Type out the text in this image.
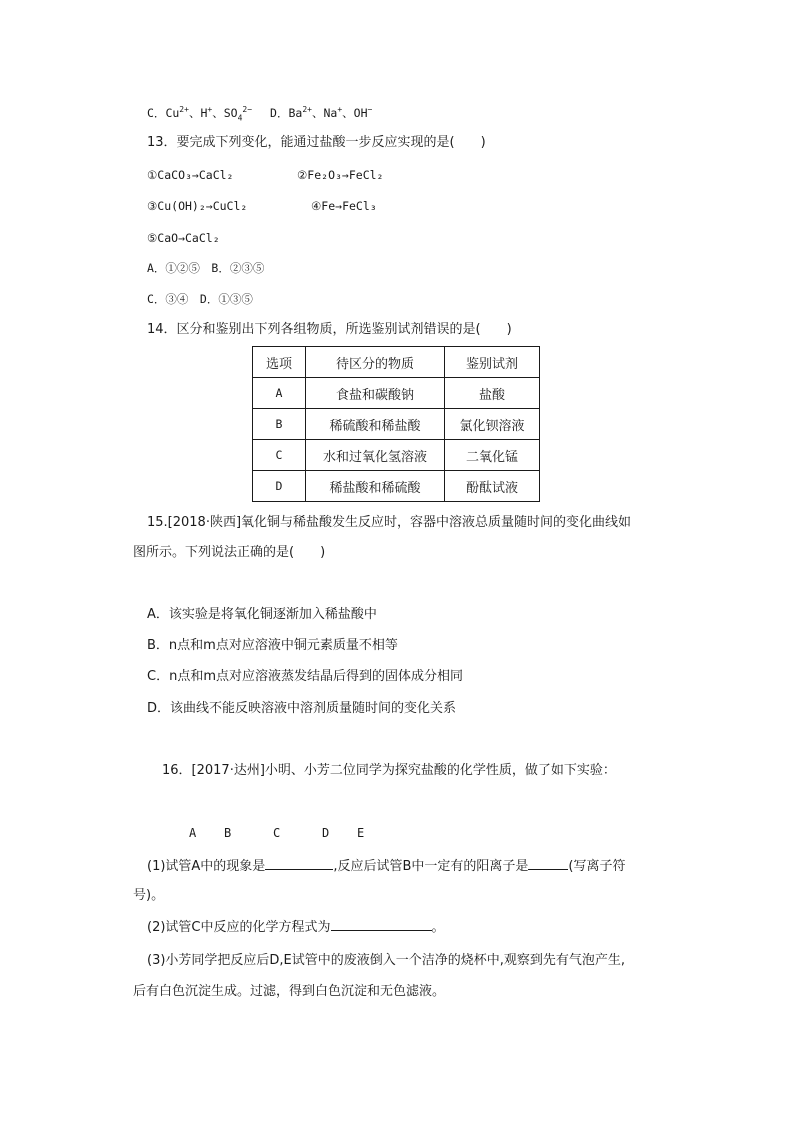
C．$Cu^{2+}$、H+、$SO_4^{2-}$ D．$Ba^{2+}$、Na+、OH−
13．要完成下列变化，能通过盐酸一步反应实现的是(　　)
①CaCO₃→CaCl₂	②Fe₂O₃→FeCl₂
③Cu(OH)₂→CuCl₂	④Fe→FeCl₃
⑤CaO→CaCl₂
A．①②⑤　B．②③⑤
C．③④　D．①③⑤
14．区分和鉴别出下列各组物质，所选鉴别试剂错误的是(　　)
选项	待区分的物质	鉴别试剂
A	食盐和碳酸钠	盐酸
B	稀硫酸和稀盐酸	氯化钡溶液
C	水和过氧化氢溶液	二氧化锰
D	稀盐酸和稀硫酸	酚酞试液
15.[2018·陕西]氧化铜与稀盐酸发生反应时，容器中溶液总质量随时间的变化曲线如
图所示。下列说法正确的是(　　)
A．该实验是将氧化铜逐渐加入稀盐酸中
B．n点和m点对应溶液中铜元素质量不相等
C．n点和m点对应溶液蒸发结晶后得到的固体成分相同
D．该曲线不能反映溶液中溶剂质量随时间的变化关系
16．[2017·达州]小明、小芳二位同学为探究盐酸的化学性质，做了如下实验：
A B	C	D E
(1)试管A中的现象是	,反应后试管B中一定有的阳离子是	(写离子符
号)。
(2)试管C中反应的化学方程式为	。
(3)小芳同学把反应后D,E试管中的废液倒入一个洁净的烧杯中,观察到先有气泡产生,
后有白色沉淀生成。过滤，得到白色沉淀和无色滤液。
